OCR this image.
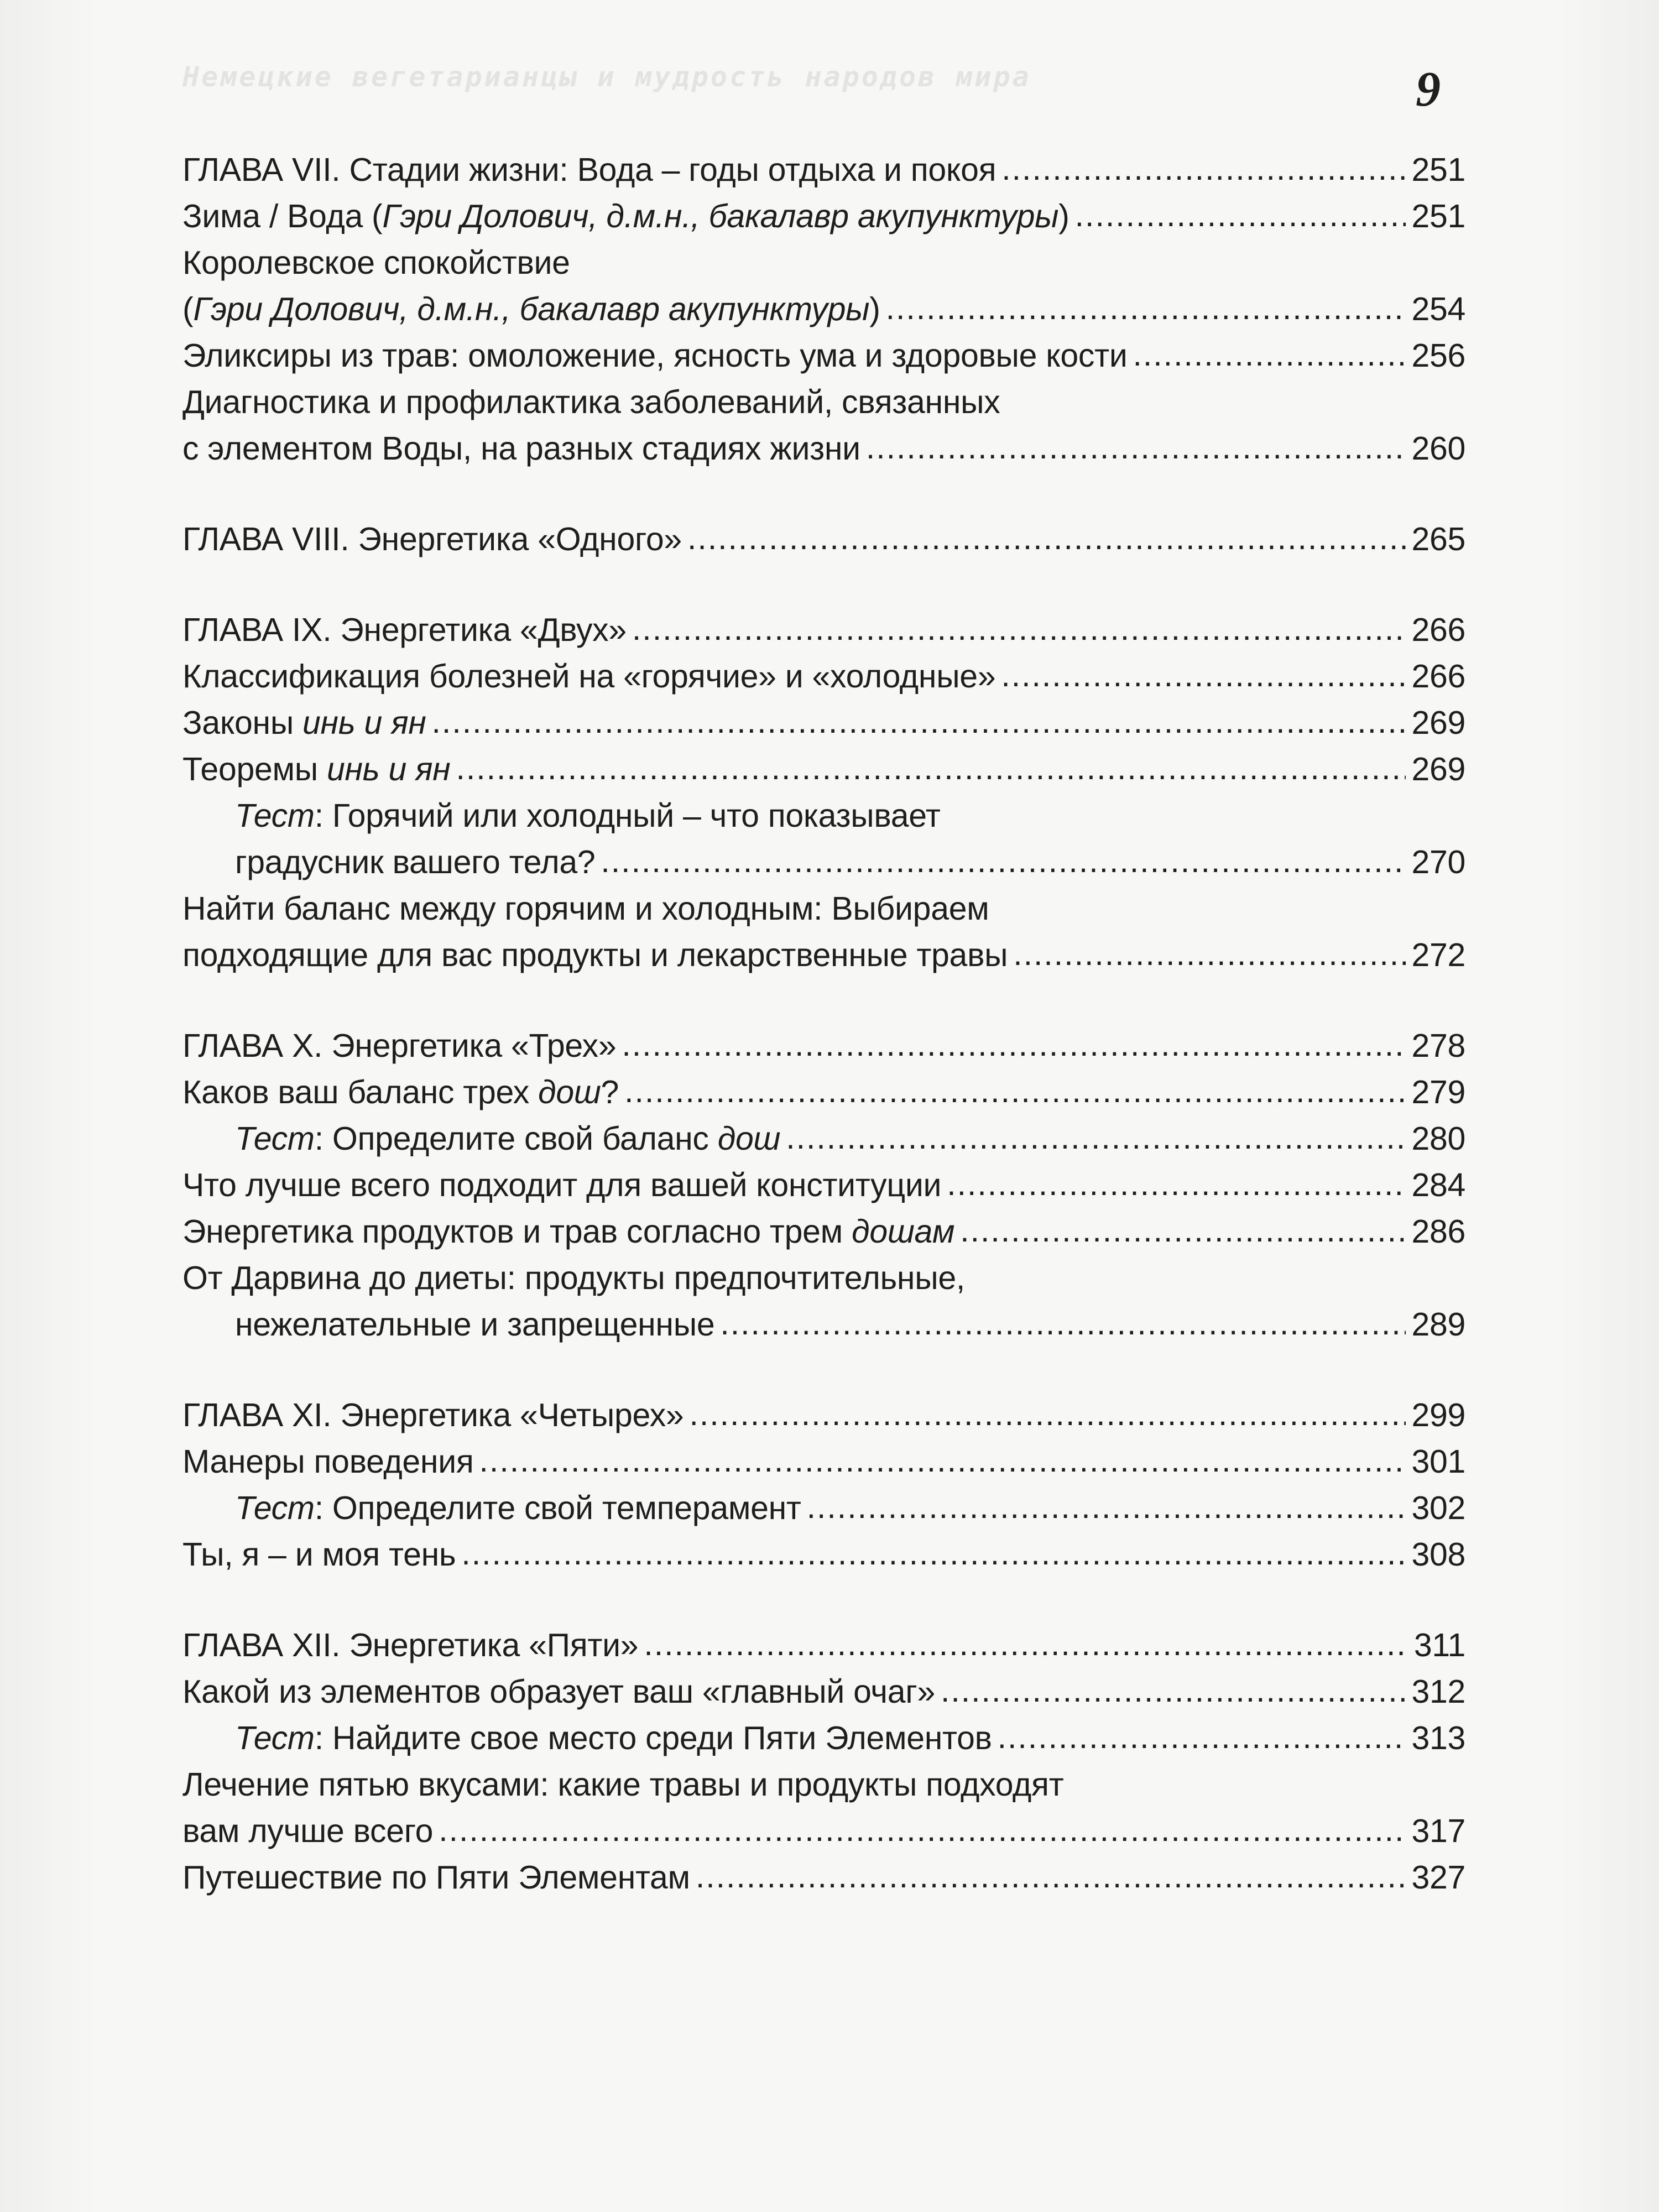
Немецкие вегетарианцы и мудрость народов мира	9
ГЛАВА VII. Стадии жизни: Вода – годы отдыха и покоя .....	251
Зима / Вода (Гэри Долович, д.м.н., бакалавр акупунктуры) .....	251
Королевское спокойствие
(Гэри Долович, д.м.н., бакалавр акупунктуры) .....	254
Эликсиры из трав: омоложение, ясность ума и здоровые кости .....	256
Диагностика и профилактика заболеваний, связанных
с элементом Воды, на разных стадиях жизни .....	260
ГЛАВА VIII. Энергетика «Одного» .....	265
ГЛАВА IX. Энергетика «Двух» .....	266
Классификация болезней на «горячие» и «холодные» .....	266
Законы инь и ян .....	269
Теоремы инь и ян .....	269
Тест: Горячий или холодный – что показывает
градусник вашего тела? .....	270
Найти баланс между горячим и холодным: Выбираем
подходящие для вас продукты и лекарственные травы .....	272
ГЛАВА X. Энергетика «Трех» .....	278
Каков ваш баланс трех дош? .....	279
Тест: Определите свой баланс дош .....	280
Что лучше всего подходит для вашей конституции .....	284
Энергетика продуктов и трав согласно трем дошам .....	286
От Дарвина до диеты: продукты предпочтительные,
нежелательные и запрещенные .....	289
ГЛАВА XI. Энергетика «Четырех» .....	299
Манеры поведения .....	301
Тест: Определите свой темперамент .....	302
Ты, я – и моя тень .....	308
ГЛАВА XII. Энергетика «Пяти» .....	311
Какой из элементов образует ваш «главный очаг» .....	312
Тест: Найдите свое место среди Пяти Элементов .....	313
Лечение пятью вкусами: какие травы и продукты подходят
вам лучше всего .....	317
Путешествие по Пяти Элементам .....	327
